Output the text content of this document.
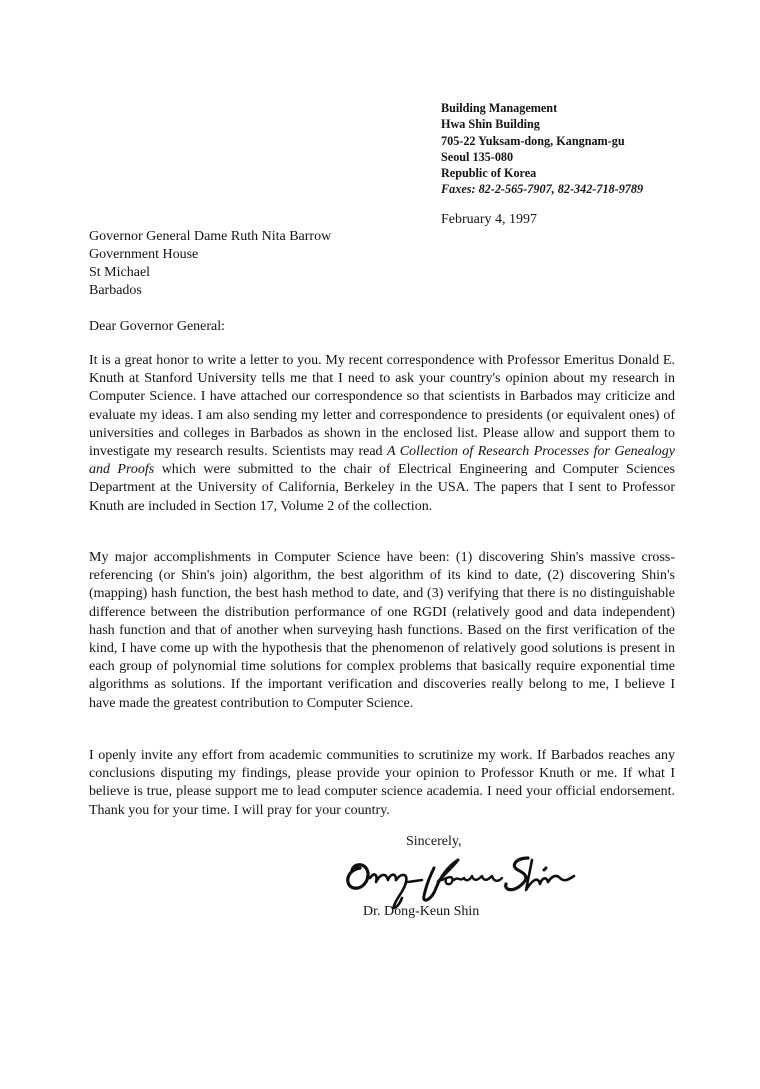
Building Management
Hwa Shin Building
705-22 Yuksam-dong, Kangnam-gu
Seoul 135-080
Republic of Korea
Faxes: 82-2-565-7907, 82-342-718-9789
February 4, 1997
Governor General Dame Ruth Nita Barrow
Government House
St Michael
Barbados
Dear Governor General:

It is a great honor to write a letter to you. My recent correspondence with Professor Emeritus Donald E. Knuth at Stanford University tells me that I need to ask your country's opinion about my research in Computer Science. I have attached our correspondence so that scientists in Barbados may criticize and evaluate my ideas. I am also sending my letter and correspondence to presidents (or equivalent ones) of universities and colleges in Barbados as shown in the enclosed list. Please allow and support them to investigate my research results. Scientists may read A Collection of Research Processes for Genealogy and Proofs which were submitted to the chair of Electrical Engineering and Computer Sciences Department at the University of California, Berkeley in the USA. The papers that I sent to Professor Knuth are included in Section 17, Volume 2 of the collection.

My major accomplishments in Computer Science have been: (1) discovering Shin's massive cross-referencing (or Shin's join) algorithm, the best algorithm of its kind to date, (2) discovering Shin's (mapping) hash function, the best hash method to date, and (3) verifying that there is no distinguishable difference between the distribution performance of one RGDI (relatively good and data independent) hash function and that of another when surveying hash functions. Based on the first verification of the kind, I have come up with the hypothesis that the phenomenon of relatively good solutions is present in each group of polynomial time solutions for complex problems that basically require exponential time algorithms as solutions. If the important verification and discoveries really belong to me, I believe I have made the greatest contribution to Computer Science.

I openly invite any effort from academic communities to scrutinize my work. If Barbados reaches any conclusions disputing my findings, please provide your opinion to Professor Knuth or me. If what I believe is true, please support me to lead computer science academia. I need your official endorsement. Thank you for your time. I will pray for your country.

Sincerely,
Dr. Dong-Keun Shin
